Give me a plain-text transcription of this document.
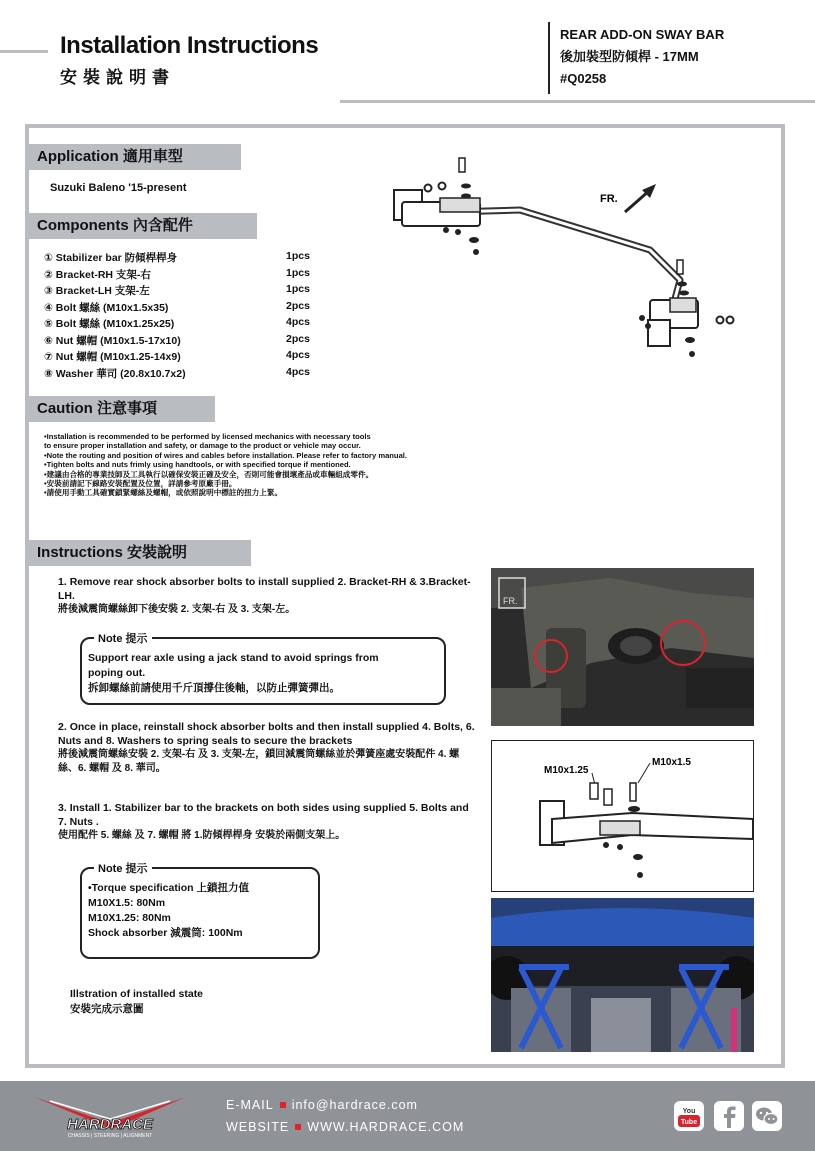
Installation Instructions
安裝說明書
REAR ADD-ON SWAY BAR
後加裝型防傾桿 - 17MM
#Q0258
Application 適用車型
Suzuki Baleno '15-present
Components 內含配件
① Stabilizer bar 防傾桿桿身	1pcs
② Bracket-RH 支架-右	1pcs
③ Bracket-LH 支架-左	1pcs
④ Bolt 螺絲 (M10x1.5x35)	2pcs
⑤ Bolt 螺絲 (M10x1.25x25)	4pcs
⑥ Nut 螺帽 (M10x1.5-17x10)	2pcs
⑦ Nut 螺帽 (M10x1.25-14x9)	4pcs
⑧ Washer 華司 (20.8x10.7x2)	4pcs
FR.
Caution 注意事項
•Installation is recommended to be performed by licensed mechanics with necessary tools
to ensure proper installation and safety, or damage to the product or vehicle may occur.
•Note the routing and position of wires and cables before installation. Please refer to factory manual.
•Tighten bolts and nuts frimly using handtools, or with specified torque if mentioned.
•建議由合格的專業技師及工具執行以確保安裝正確及安全，否則可能會損壞產品或車輛組成零件。
•安裝前請記下線路安裝配置及位置，詳請參考原廠手冊。
•請使用手動工具確實鎖緊螺絲及螺帽，或依照說明中標註的扭力上緊。
Instructions 安裝說明
1. Remove rear shock absorber bolts to install supplied 2. Bracket-RH & 3.Bracket-LH.
將後減震筒螺絲卸下後安裝 2. 支架-右 及 3. 支架-左。
Note 提示
Support rear axle using a jack stand to avoid springs from
poping out.
拆卸螺絲前請使用千斤頂撐住後軸，以防止彈簧彈出。
2. Once in place, reinstall shock absorber bolts and then install supplied 4. Bolts, 6. Nuts and 8. Washers to spring seals to secure the brackets
將後減震筒螺絲安裝 2. 支架-右 及 3. 支架-左，鎖回減震筒螺絲並於彈簧座處安裝配件 4. 螺絲、6. 螺帽 及 8. 華司。
3. Install 1. Stabilizer bar to the brackets on both sides using supplied 5. Bolts and 7. Nuts .
使用配件 5. 螺絲 及 7. 螺帽 將 1.防傾桿桿身 安裝於兩側支架上。
Note 提示
•Torque specification 上鎖扭力值
M10X1.5: 80Nm
M10X1.25: 80Nm
Shock absorber 減震筒: 100Nm
Illstration of installed state
安裝完成示意圖
FR.
M10x1.25
M10x1.5
HARDRACE
CHASSIS | STEERING | ALIGNMENT
E-MAIL info@hardrace.com
WEBSITE WWW.HARDRACE.COM
You
Tube
